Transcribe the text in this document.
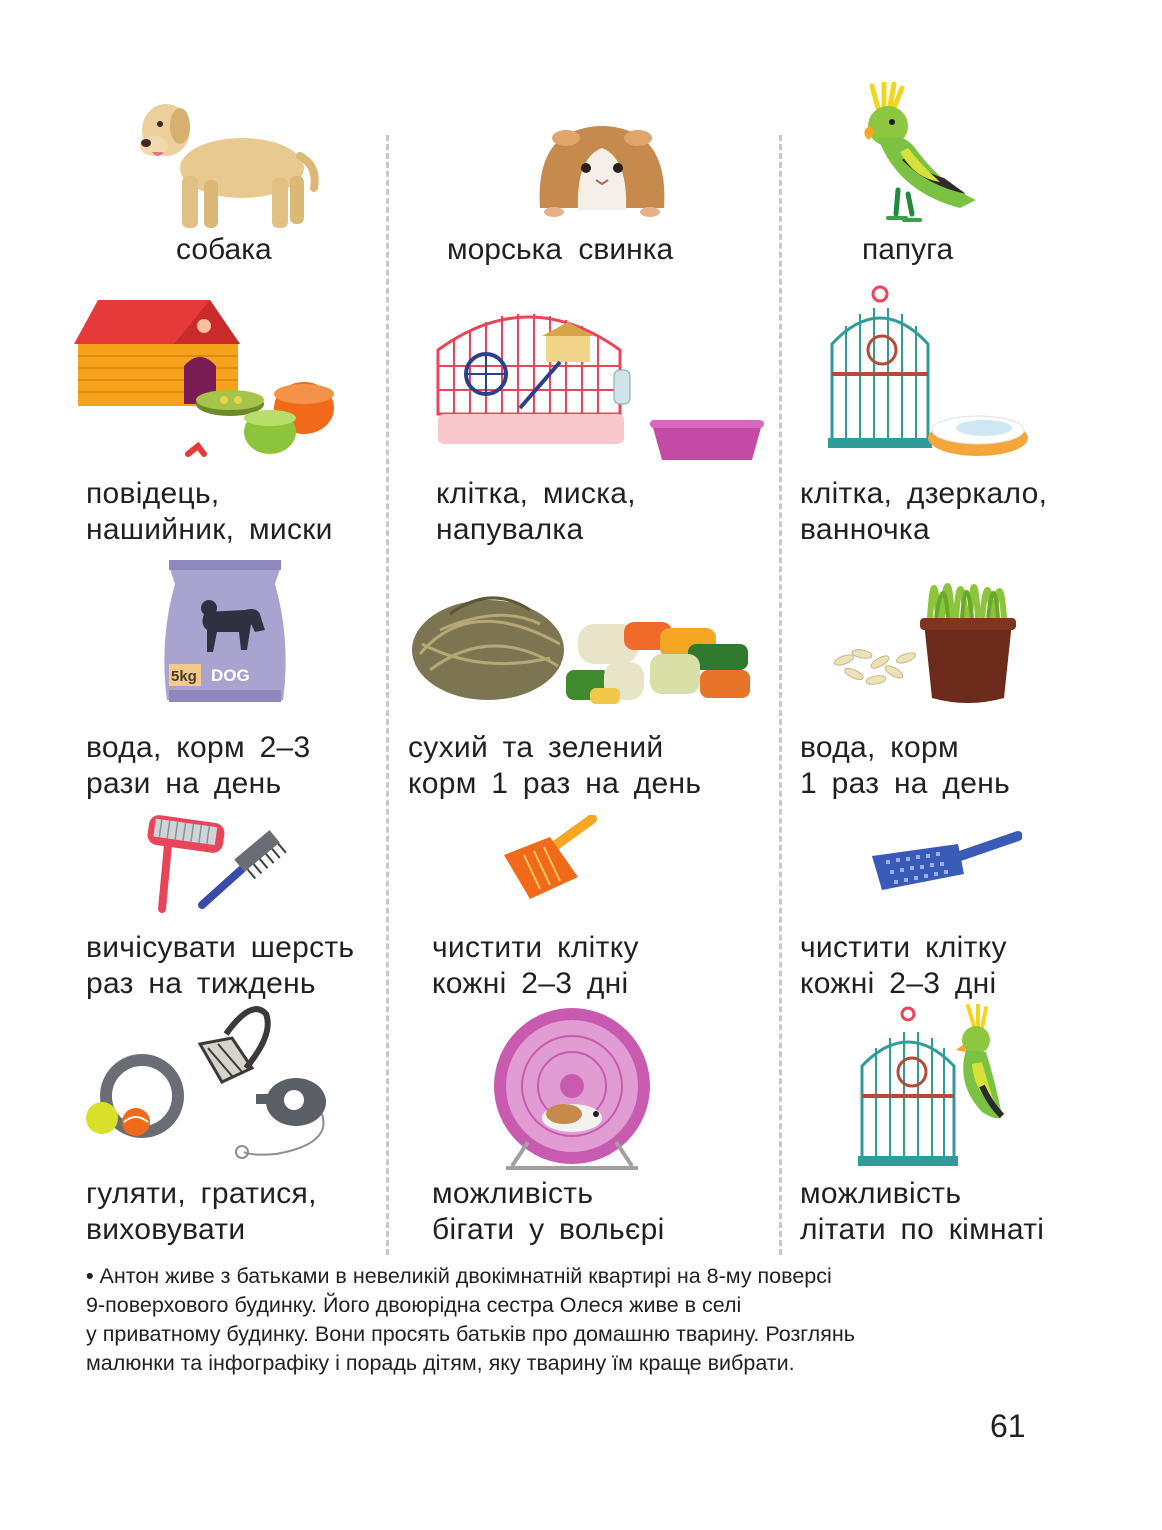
собака	морська свинка	папуга
повідець,
нашийник, миски
клітка, миска,
напувалка
клітка, дзеркало,
ванночка
5kg DOG
вода, корм 2–3
рази на день
сухий та зелений
корм 1 раз на день
вода, корм
1 раз на день
вичісувати шерсть
раз на тиждень
чистити клітку
кожні 2–3 дні
чистити клітку
кожні 2–3 дні
гуляти, гратися,
виховувати
можливість
бігати у вольєрі
можливість
літати по кімнаті
• Антон живе з батьками в невеликій двокімнатній квартирі на 8-му поверсі
9-поверхового будинку. Його двоюрідна сестра Олеся живе в селі
у приватному будинку. Вони просять батьків про домашню тварину. Розглянь
малюнки та інфографіку і порадь дітям, яку тварину їм краще вибрати.
61
